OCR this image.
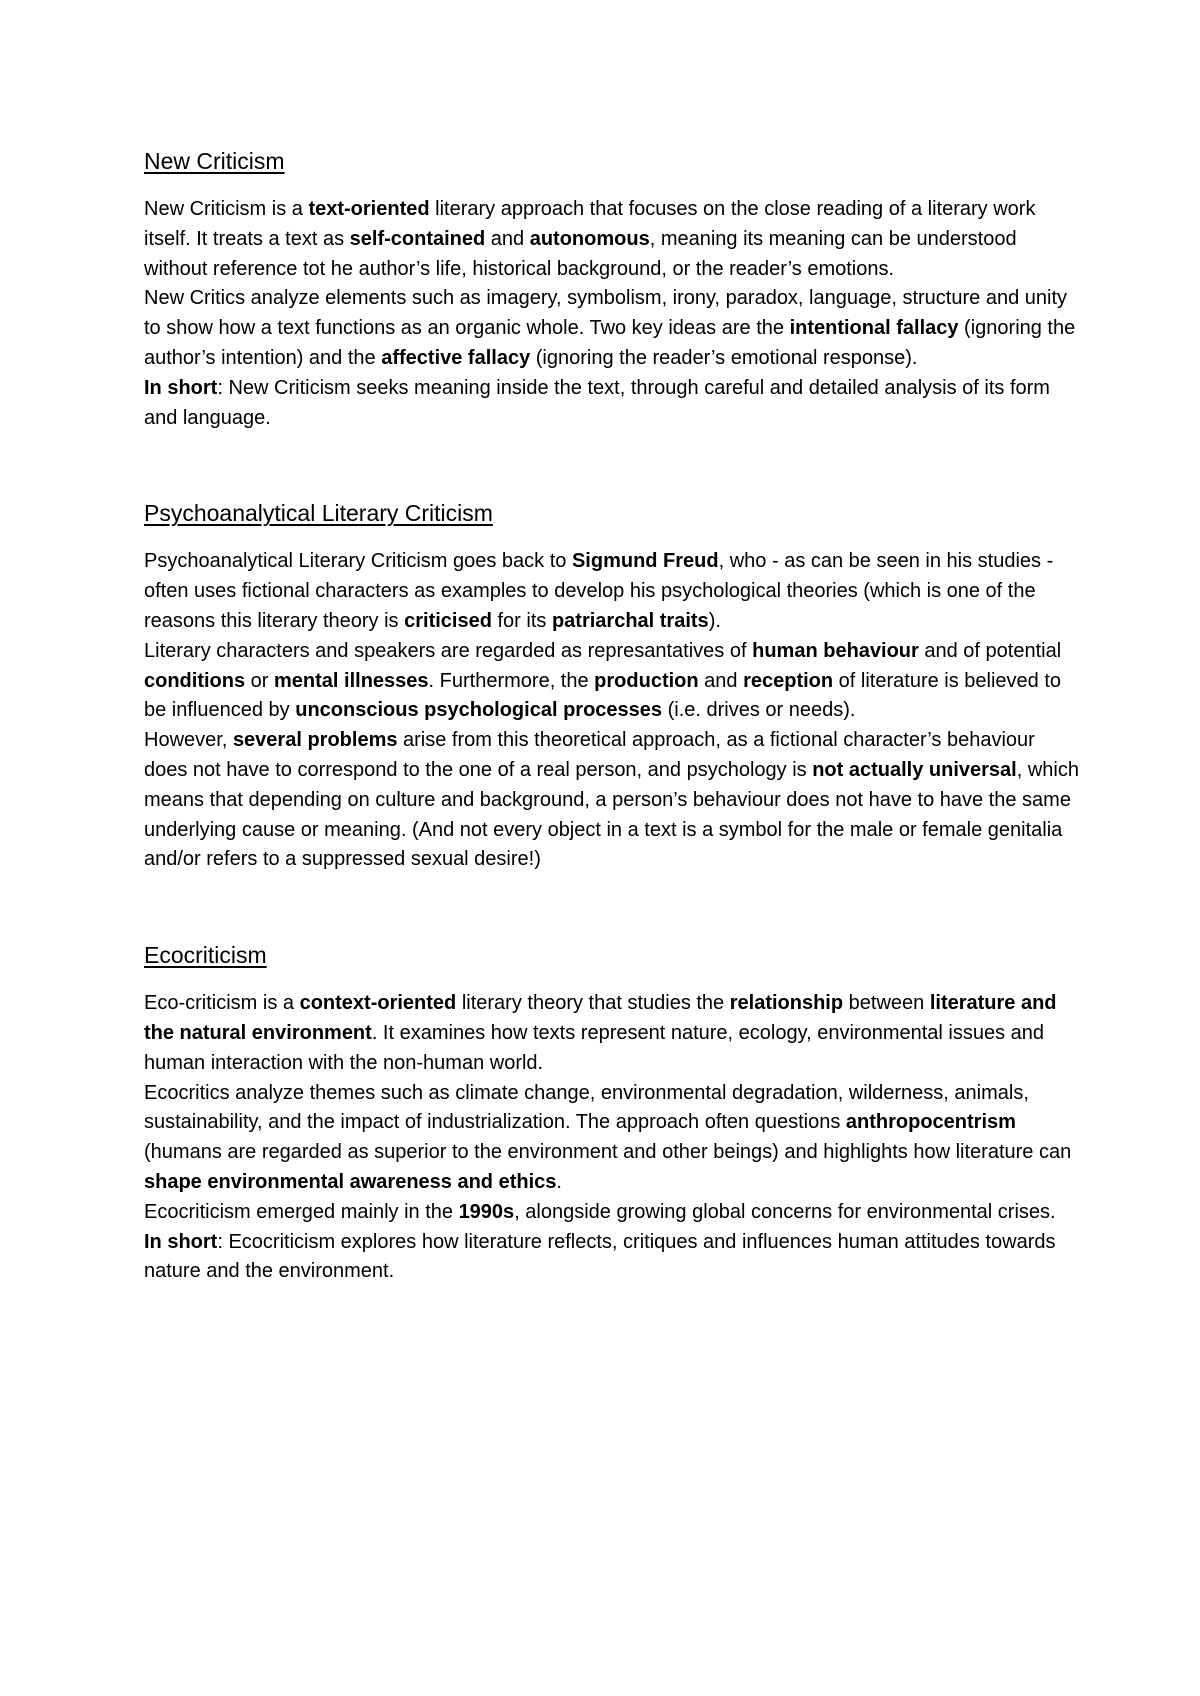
New Criticism

New Criticism is a text-oriented literary approach that focuses on the close reading of a literary work itself. It treats a text as self-contained and autonomous, meaning its meaning can be understood without reference tot he author’s life, historical background, or the reader’s emotions.

New Critics analyze elements such as imagery, symbolism, irony, paradox, language, structure and unity to show how a text functions as an organic whole. Two key ideas are the intentional fallacy (ignoring the author’s intention) and the affective fallacy (ignoring the reader’s emotional response).

In short: New Criticism seeks meaning inside the text, through careful and detailed analysis of its form and language.

Psychoanalytical Literary Criticism

Psychoanalytical Literary Criticism goes back to Sigmund Freud, who - as can be seen in his studies - often uses fictional characters as examples to develop his psychological theories (which is one of the reasons this literary theory is criticised for its patriarchal traits).

Literary characters and speakers are regarded as represantatives of human behaviour and of potential conditions or mental illnesses. Furthermore, the production and reception of literature is believed to be influenced by unconscious psychological processes (i.e. drives or needs).

However, several problems arise from this theoretical approach, as a fictional character’s behaviour does not have to correspond to the one of a real person, and psychology is not actually universal, which means that depending on culture and background, a person’s behaviour does not have to have the same underlying cause or meaning. (And not every object in a text is a symbol for the male or female genitalia and/or refers to a suppressed sexual desire!)

Ecocriticism

Eco-criticism is a context-oriented literary theory that studies the relationship between literature and the natural environment. It examines how texts represent nature, ecology, environmental issues and human interaction with the non-human world.

Ecocritics analyze themes such as climate change, environmental degradation, wilderness, animals, sustainability, and the impact of industrialization. The approach often questions anthropocentrism (humans are regarded as superior to the environment and other beings) and highlights how literature can shape environmental awareness and ethics.

Ecocriticism emerged mainly in the 1990s, alongside growing global concerns for environmental crises.

In short: Ecocriticism explores how literature reflects, critiques and influences human attitudes towards nature and the environment.
